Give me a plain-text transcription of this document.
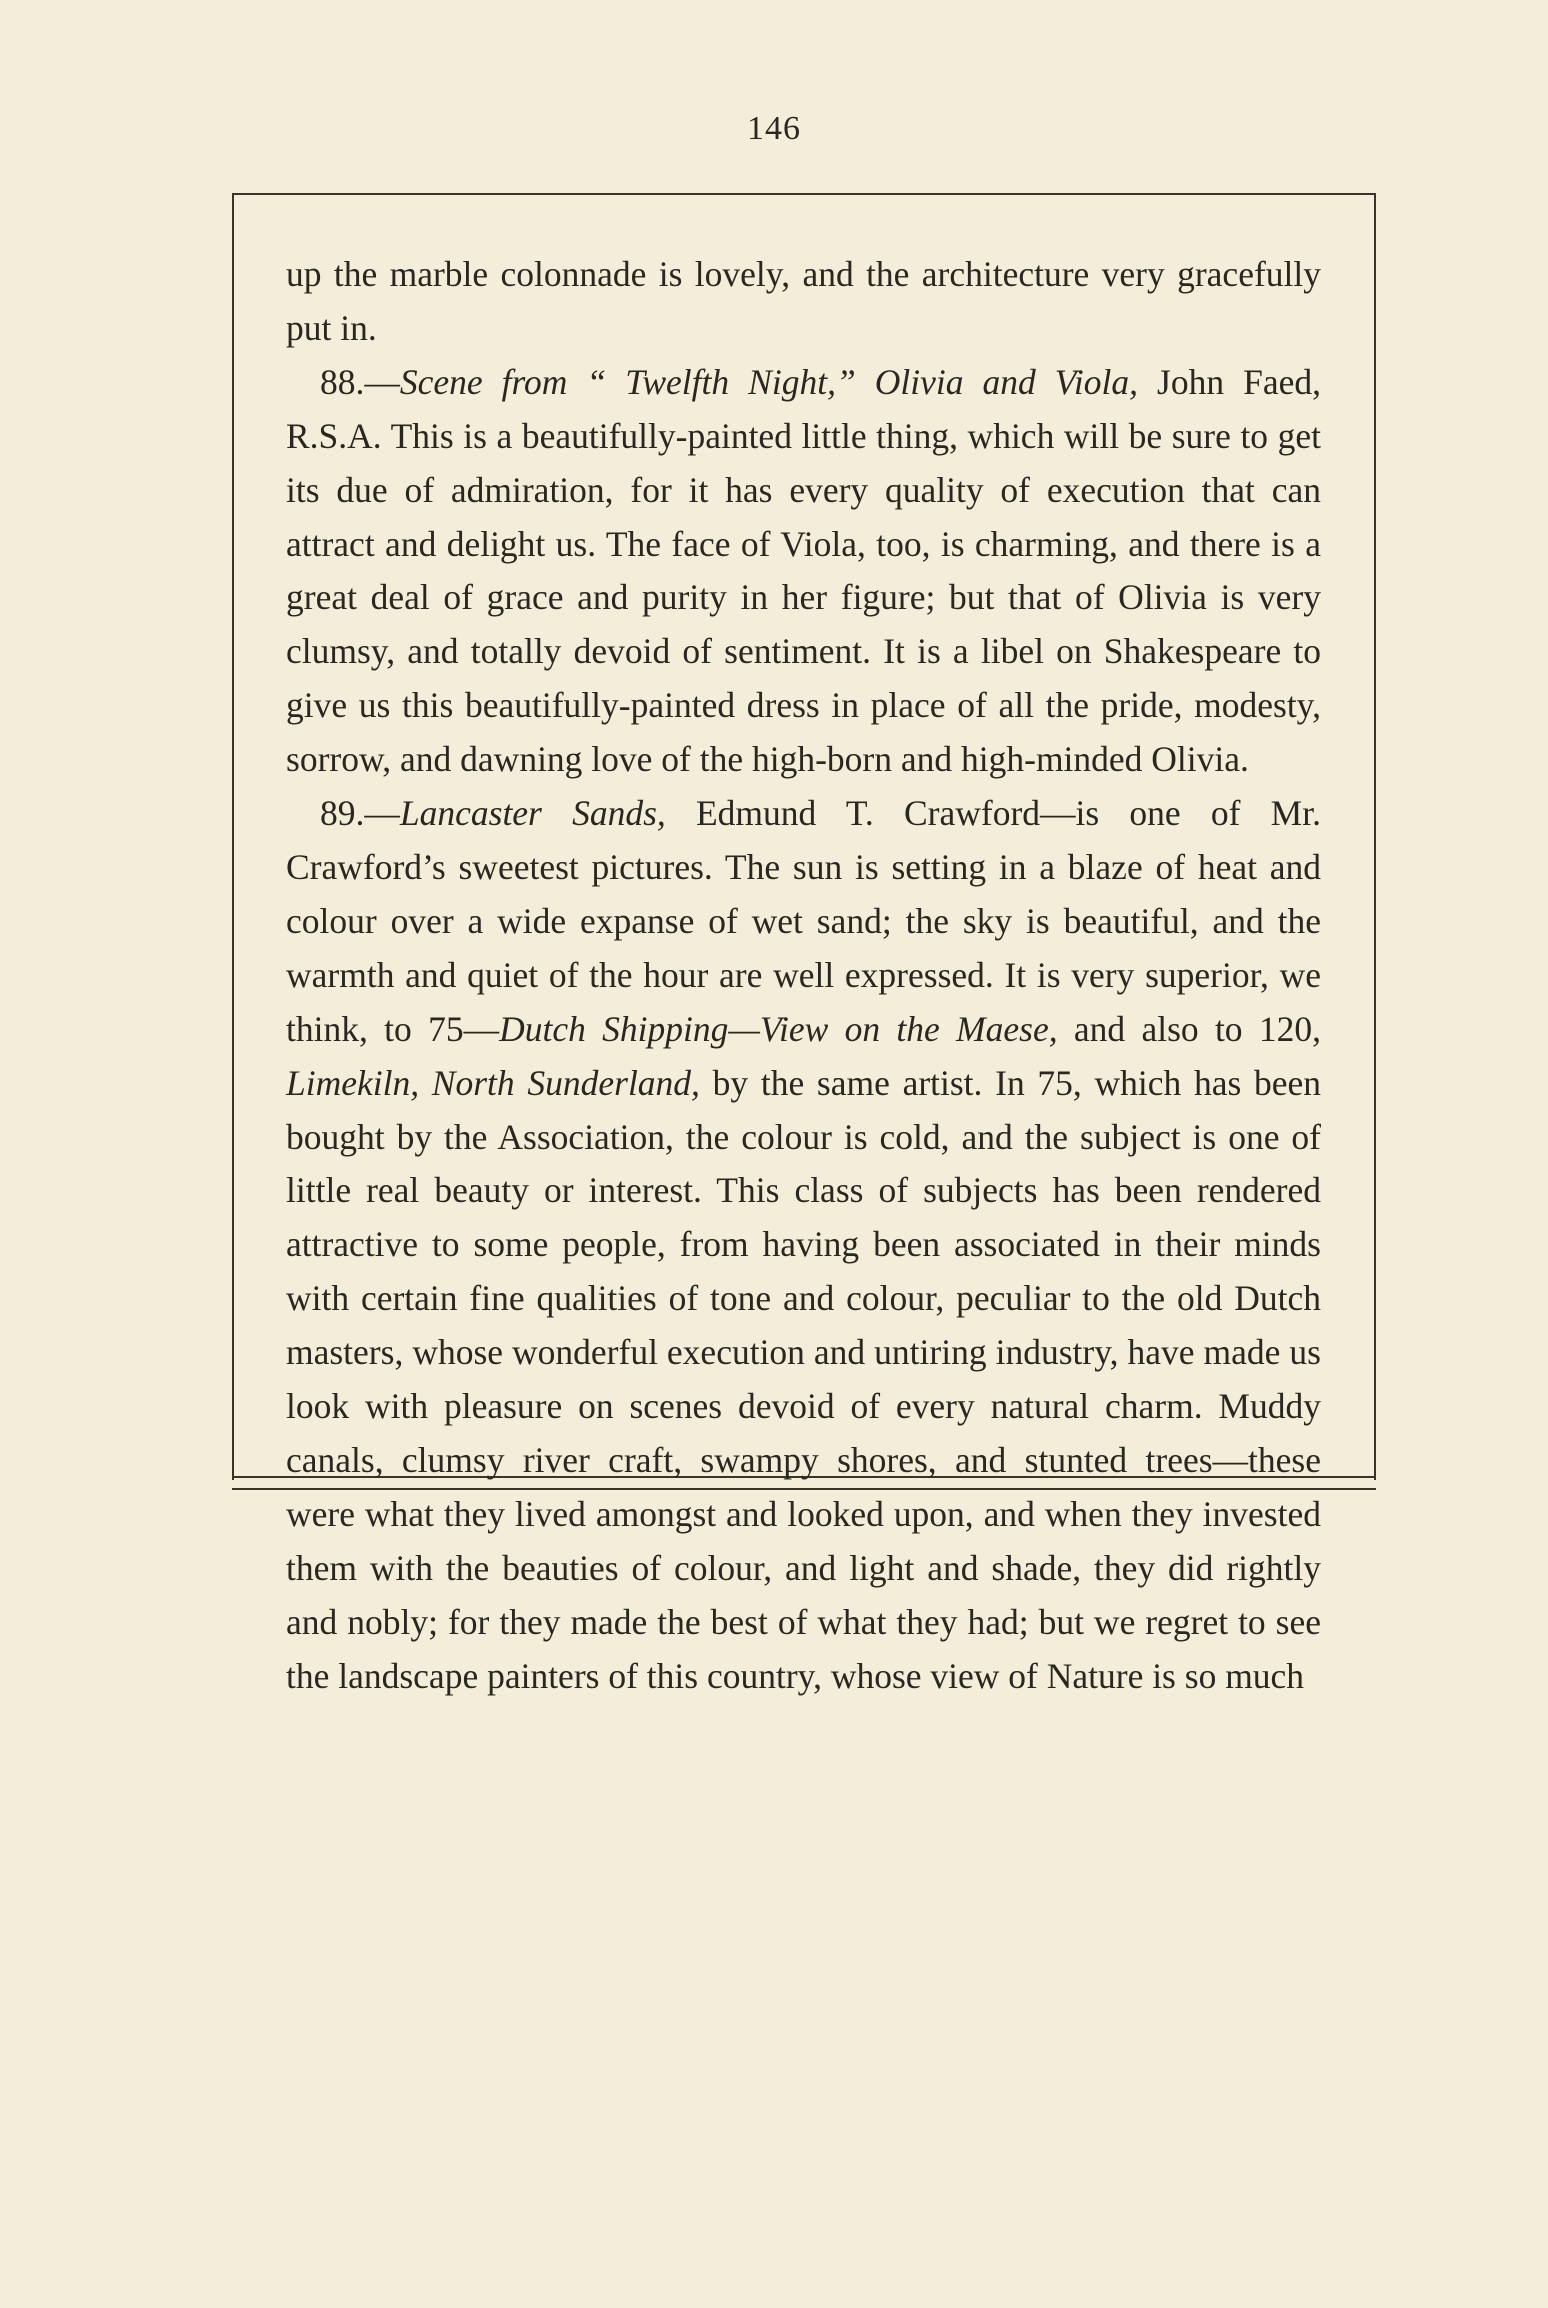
146

up the marble colonnade is lovely, and the architecture very gracefully put in.

88.—Scene from “ Twelfth Night,” Olivia and Viola, John Faed, R.S.A. This is a beautifully-painted little thing, which will be sure to get its due of admiration, for it has every quality of execution that can attract and delight us. The face of Viola, too, is charming, and there is a great deal of grace and purity in her figure; but that of Olivia is very clumsy, and totally devoid of sentiment. It is a libel on Shakespeare to give us this beautifully-painted dress in place of all the pride, modesty, sorrow, and dawning love of the high-born and high-minded Olivia.

89.—Lancaster Sands, Edmund T. Crawford—is one of Mr. Crawford’s sweetest pictures. The sun is setting in a blaze of heat and colour over a wide expanse of wet sand; the sky is beautiful, and the warmth and quiet of the hour are well expressed. It is very superior, we think, to 75—Dutch Shipping—View on the Maese, and also to 120, Limekiln, North Sunderland, by the same artist. In 75, which has been bought by the Association, the colour is cold, and the subject is one of little real beauty or interest. This class of subjects has been rendered attractive to some people, from having been associated in their minds with certain fine qualities of tone and colour, peculiar to the old Dutch masters, whose wonderful execution and untiring industry, have made us look with pleasure on scenes devoid of every natural charm. Muddy canals, clumsy river craft, swampy shores, and stunted trees—these were what they lived amongst and looked upon, and when they invested them with the beauties of colour, and light and shade, they did rightly and nobly; for they made the best of what they had; but we regret to see the landscape painters of this country, whose view of Nature is so much
